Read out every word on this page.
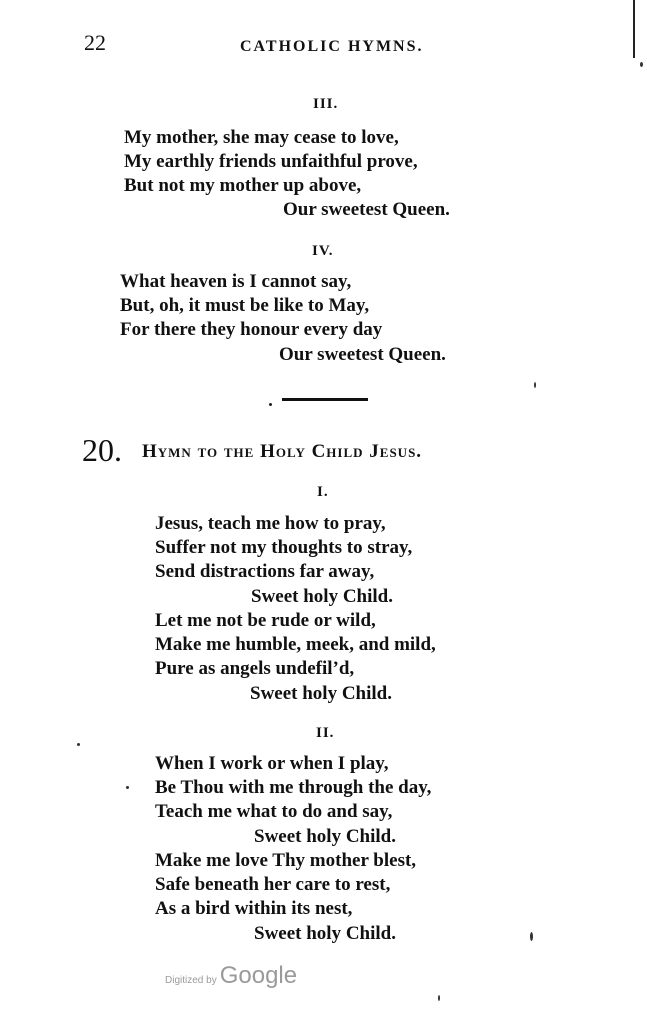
22	CATHOLIC HYMNS.
III.
My mother, she may cease to love,
My earthly friends unfaithful prove,
But not my mother up above,
Our sweetest Queen.
IV.
What heaven is I cannot say,
But, oh, it must be like to May,
For there they honour every day
Our sweetest Queen.
20. Hymn to the Holy Child Jesus.
I.
Jesus, teach me how to pray,
Suffer not my thoughts to stray,
Send distractions far away,
Sweet holy Child.
Let me not be rude or wild,
Make me humble, meek, and mild,
Pure as angels undefil’d,
Sweet holy Child.
II.
When I work or when I play,
Be Thou with me through the day,
Teach me what to do and say,
Sweet holy Child.
Make me love Thy mother blest,
Safe beneath her care to rest,
As a bird within its nest,
Sweet holy Child.
Digitized by Google
